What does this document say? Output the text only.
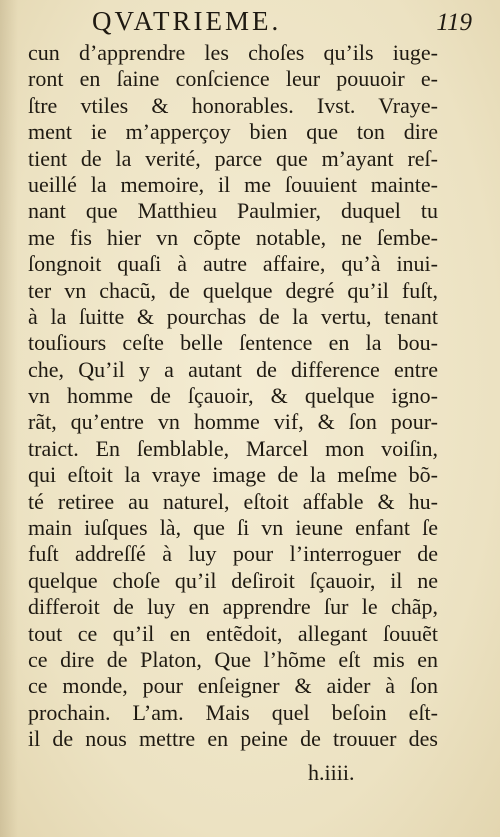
QVATRIEME.	119
cun d’apprendre les choſes qu’ils iuge-
ront en ſaine conſcience leur pouuoir e-
ſtre vtiles & honorables. Ivst. Vraye-
ment ie m’apperçoy bien que ton dire
tient de la verité, parce que m’ayant reſ-
ueillé la memoire, il me ſouuient mainte-
nant que Matthieu Paulmier, duquel tu
me fis hier vn cõpte notable, ne ſembe-
ſongnoit quaſi à autre affaire, qu’à inui-
ter vn chacũ, de quelque degré qu’il fuſt,
à la ſuitte & pourchas de la vertu, tenant
touſiours ceſte belle ſentence en la bou-
che, Qu’il y a autant de difference entre
vn homme de ſçauoir, & quelque igno-
rãt, qu’entre vn homme vif, & ſon pour-
traict. En ſemblable, Marcel mon voiſin,
qui eſtoit la vraye image de la meſme bõ-
té retiree au naturel, eſtoit affable & hu-
main iuſques là, que ſi vn ieune enfant ſe
fuſt addreſſé à luy pour l’interroguer de
quelque choſe qu’il deſiroit ſçauoir, il ne
differoit de luy en apprendre ſur le chãp,
tout ce qu’il en entẽdoit, allegant ſouuẽt
ce dire de Platon, Que l’hõme eſt mis en
ce monde, pour enſeigner & aider à ſon
prochain. L’am. Mais quel beſoin eſt-
il de nous mettre en peine de trouuer des
h.iiii.
